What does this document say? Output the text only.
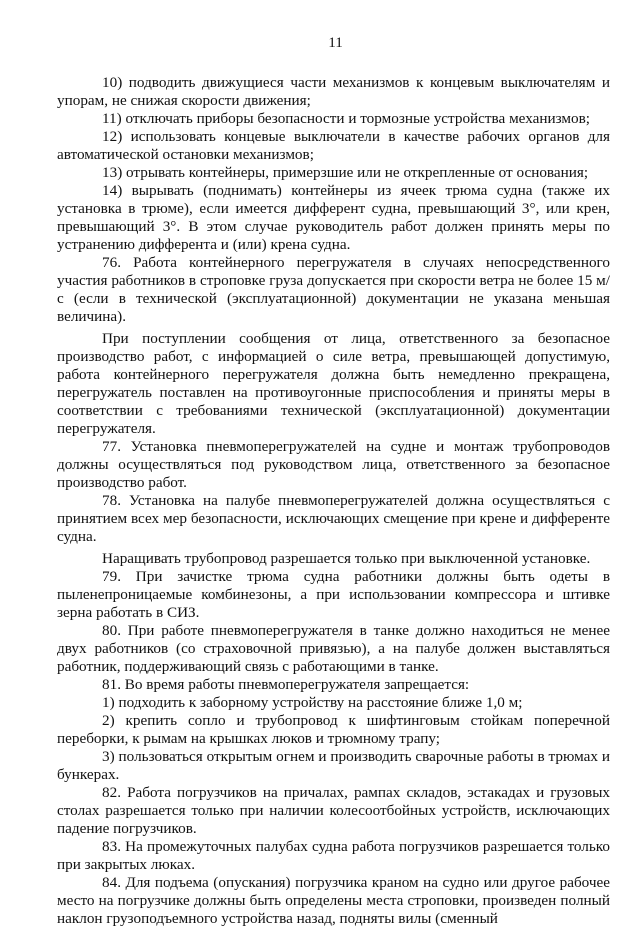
11

10) подводить движущиеся части механизмов к концевым выключателям и упорам, не снижая скорости движения;

11) отключать приборы безопасности и тормозные устройства механизмов;

12) использовать концевые выключатели в качестве рабочих органов для автоматической остановки механизмов;

13) отрывать контейнеры, примерзшие или не открепленные от основания;

14) вырывать (поднимать) контейнеры из ячеек трюма судна (также их установка в трюме), если имеется дифферент судна, превышающий 3°, или крен, превышающий 3°. В этом случае руководитель работ должен принять меры по устранению дифферента и (или) крена судна.

76. Работа контейнерного перегружателя в случаях непосредственного участия работников в строповке груза допускается при скорости ветра не более 15 м/с (если в технической (эксплуатационной) документации не указана меньшая величина).

При поступлении сообщения от лица, ответственного за безопасное производство работ, с информацией о силе ветра, превышающей допустимую, работа контейнерного перегружателя должна быть немедленно прекращена, перегружатель поставлен на противоугонные приспособления и приняты меры в соответствии с требованиями технической (эксплуатационной) документации перегружателя.

77. Установка пневмоперегружателей на судне и монтаж трубопроводов должны осуществляться под руководством лица, ответственного за безопасное производство работ.

78. Установка на палубе пневмоперегружателей должна осуществляться с принятием всех мер безопасности, исключающих смещение при крене и дифференте судна.

Наращивать трубопровод разрешается только при выключенной установке.

79. При зачистке трюма судна работники должны быть одеты в пыленепроницаемые комбинезоны, а при использовании компрессора и штивке зерна работать в СИЗ.

80. При работе пневмоперегружателя в танке должно находиться не менее двух работников (со страховочной привязью), а на палубе должен выставляться работник, поддерживающий связь с работающими в танке.

81. Во время работы пневмоперегружателя запрещается:

1) подходить к заборному устройству на расстояние ближе 1,0 м;

2) крепить сопло и трубопровод к шифтинговым стойкам поперечной переборки, к рымам на крышках люков и трюмному трапу;

3) пользоваться открытым огнем и производить сварочные работы в трюмах и бункерах.

82. Работа погрузчиков на причалах, рампах складов, эстакадах и грузовых столах разрешается только при наличии колесоотбойных устройств, исключающих падение погрузчиков.

83. На промежуточных палубах судна работа погрузчиков разрешается только при закрытых люках.

84. Для подъема (опускания) погрузчика краном на судно или другое рабочее место на погрузчике должны быть определены места строповки, произведен полный наклон грузоподъемного устройства назад, подняты вилы (сменный
